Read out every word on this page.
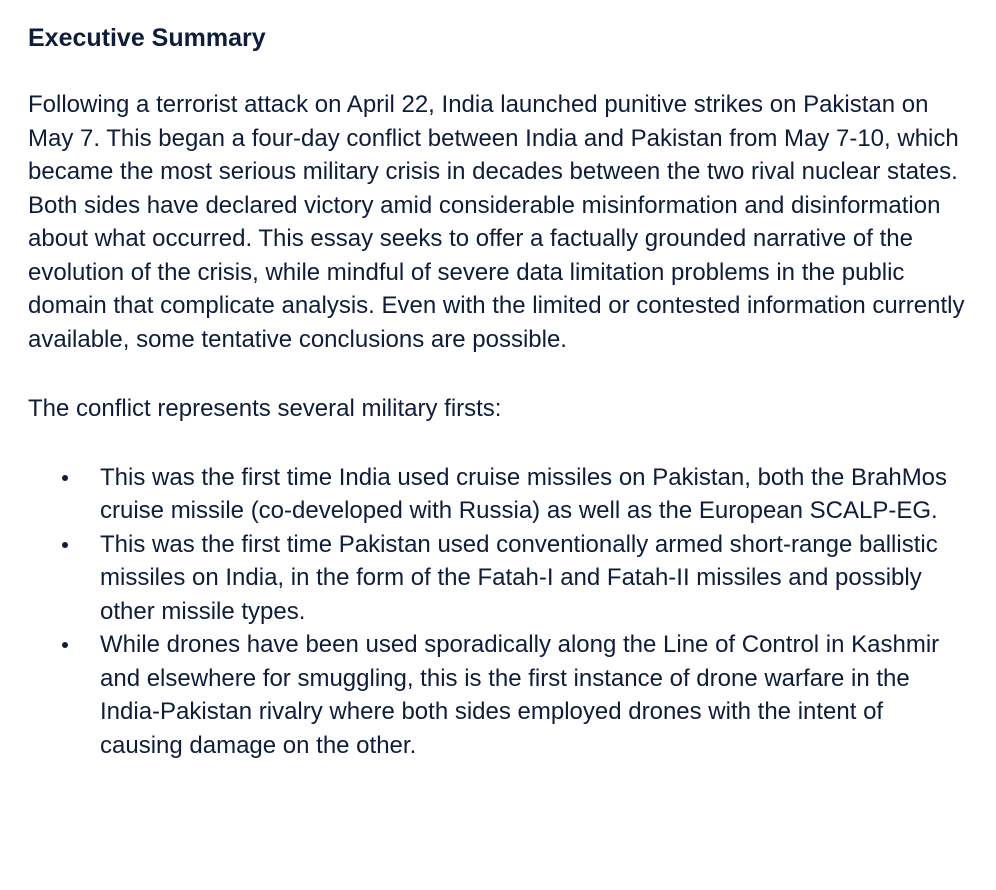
Executive Summary

Following a terrorist attack on April 22, India launched punitive strikes on Pakistan on May 7. This began a four-day conflict between India and Pakistan from May 7-10, which became the most serious military crisis in decades between the two rival nuclear states. Both sides have declared victory amid considerable misinformation and disinformation about what occurred. This essay seeks to offer a factually grounded narrative of the evolution of the crisis, while mindful of severe data limitation problems in the public domain that complicate analysis. Even with the limited or contested information currently available, some tentative conclusions are possible.

The conflict represents several military firsts:

This was the first time India used cruise missiles on Pakistan, both the BrahMos cruise missile (co-developed with Russia) as well as the European SCALP-EG.
This was the first time Pakistan used conventionally armed short-range ballistic missiles on India, in the form of the Fatah-I and Fatah-II missiles and possibly other missile types.
While drones have been used sporadically along the Line of Control in Kashmir and elsewhere for smuggling, this is the first instance of drone warfare in the India-Pakistan rivalry where both sides employed drones with the intent of causing damage on the other.
